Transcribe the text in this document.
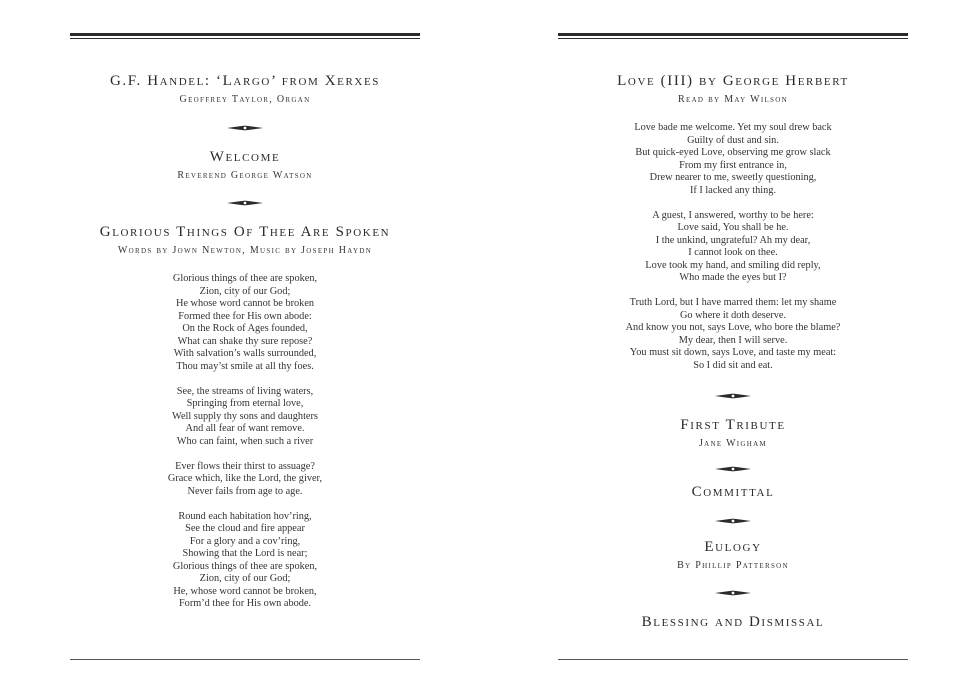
G.F. Handel: ‘Largo’ from Xerxes
Geoffrey Taylor, Organ
Welcome
Reverend George Watson
Glorious Things Of Thee Are Spoken
Words by Jown Newton, Music by Joseph Haydn
Glorious things of thee are spoken,
Zion, city of our God;
He whose word cannot be broken
Formed thee for His own abode:
On the Rock of Ages founded,
What can shake thy sure repose?
With salvation’s walls surrounded,
Thou may’st smile at all thy foes.
See, the streams of living waters,
Springing from eternal love,
Well supply thy sons and daughters
And all fear of want remove.
Who can faint, when such a river
Ever flows their thirst to assuage?
Grace which, like the Lord, the giver,
Never fails from age to age.
Round each habitation hov’ring,
See the cloud and fire appear
For a glory and a cov’ring,
Showing that the Lord is near;
Glorious things of thee are spoken,
Zion, city of our God;
He, whose word cannot be broken,
Form’d thee for His own abode.
Love (III) by George Herbert
Read by May Wilson
Love bade me welcome. Yet my soul drew back
Guilty of dust and sin.
But quick-eyed Love, observing me grow slack
From my first entrance in,
Drew nearer to me, sweetly questioning,
If I lacked any thing.
A guest, I answered, worthy to be here:
Love said, You shall be he.
I the unkind, ungrateful? Ah my dear,
I cannot look on thee.
Love took my hand, and smiling did reply,
Who made the eyes but I?
Truth Lord, but I have marred them: let my shame
Go where it doth deserve.
And know you not, says Love, who bore the blame?
My dear, then I will serve.
You must sit down, says Love, and taste my meat:
So I did sit and eat.
First Tribute
Jane Wigham
Committal
Eulogy
By Phillip Patterson
Blessing and Dismissal
